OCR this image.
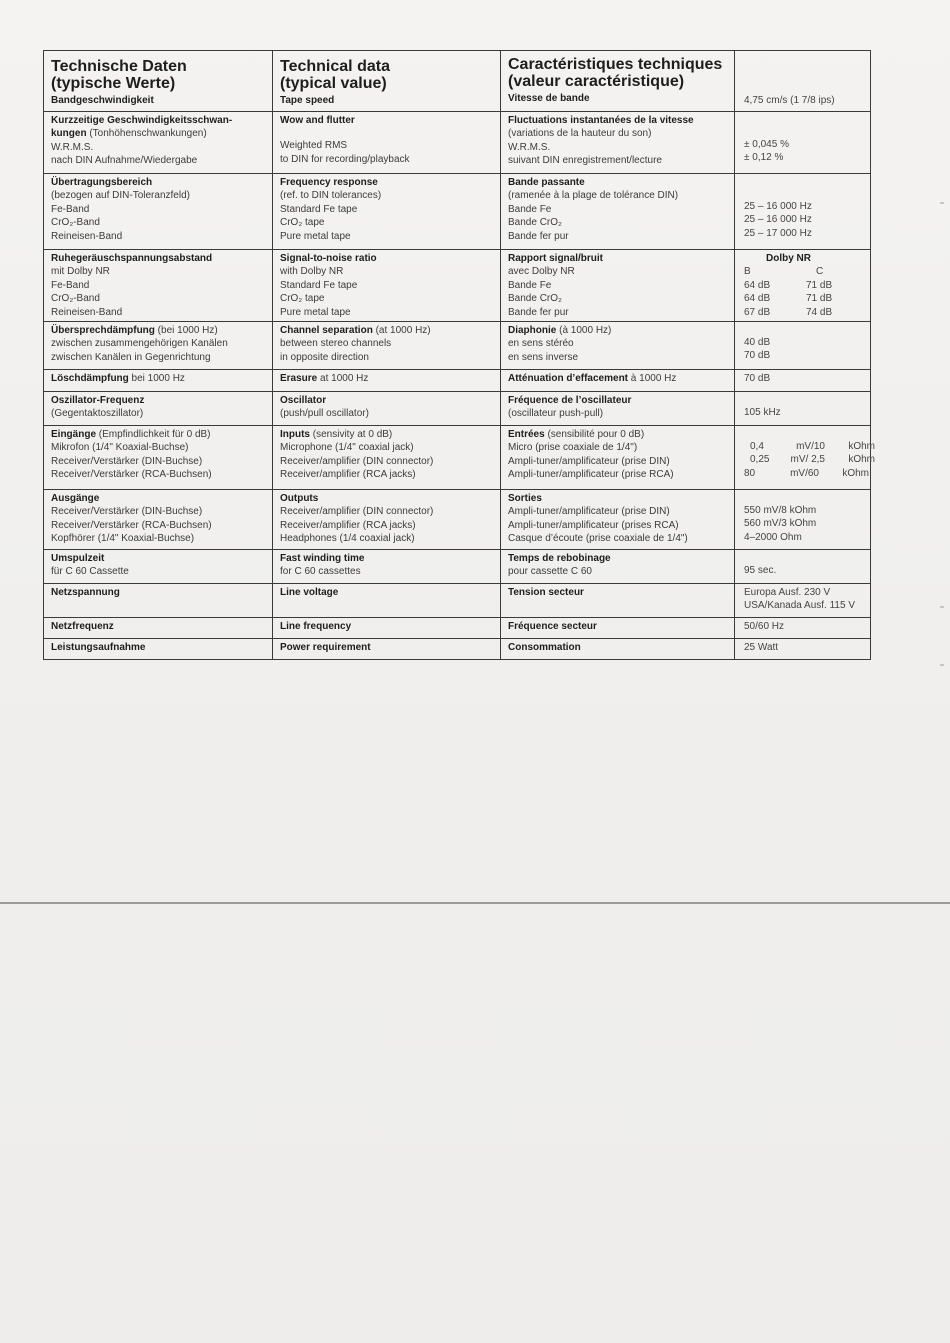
Technische Daten
(typische Werte)
Bandgeschwindigkeit	Technical data
(typical value)
Tape speed	Caractéristiques techniques
(valeur caractéristique)
Vitesse de bande	4,75 cm/s (1 7/8 ips)

Kurzzeitige Geschwindigkeitsschwan-
kungen (Tonhöhenschwankungen)
W.R.M.S.
nach DIN Aufnahme/Wiedergabe	Wow and flutter
Weighted RMS
to DIN for recording/playback	Fluctuations instantanées de la vitesse
(variations de la hauteur du son)
W.R.M.S.
suivant DIN enregistrement/lecture	± 0,045 %
± 0,12 %

Übertragungsbereich
(bezogen auf DIN-Toleranzfeld)
Fe-Band
CrO₂-Band
Reineisen-Band	Frequency response
(ref. to DIN tolerances)
Standard Fe tape
CrO₂ tape
Pure metal tape	Bande passante
(ramenée à la plage de tolérance DIN)
Bande Fe
Bande CrO₂
Bande fer pur	25 – 16 000 Hz
25 – 16 000 Hz
25 – 17 000 Hz

Ruhegeräuschspannungsabstand
mit Dolby NR
Fe-Band
CrO₂-Band
Reineisen-Band	Signal-to-noise ratio
with Dolby NR
Standard Fe tape
CrO₂ tape
Pure metal tape	Rapport signal/bruit
avec Dolby NR
Bande Fe
Bande CrO₂
Bande fer pur	Dolby NR
B C
64 dB 71 dB
64 dB 71 dB
67 dB 74 dB

Übersprechdämpfung (bei 1000 Hz)
zwischen zusammengehörigen Kanälen
zwischen Kanälen in Gegenrichtung	Channel separation (at 1000 Hz)
between stereo channels
in opposite direction	Diaphonie (à 1000 Hz)
en sens stéréo
en sens inverse	40 dB
70 dB

Löschdämpfung bei 1000 Hz	Erasure at 1000 Hz	Atténuation d’effacement à 1000 Hz	70 dB

Oszillator-Frequenz
(Gegentaktoszillator)	Oscillator
(push/pull oscillator)	Fréquence de l’oscillateur
(oscillateur push-pull)	105 kHz

Eingänge (Empfindlichkeit für 0 dB)
Mikrofon (1/4" Koaxial-Buchse)
Receiver/Verstärker (DIN-Buchse)
Receiver/Verstärker (RCA-Buchsen)	Inputs (sensivity at 0 dB)
Microphone (1/4" coaxial jack)
Receiver/amplifier (DIN connector)
Receiver/amplifier (RCA jacks)	Entrées (sensibilité pour 0 dB)
Micro (prise coaxiale de 1/4")
Ampli-tuner/amplificateur (prise DIN)
Ampli-tuner/amplificateur (prise RCA)	0,4 mV/10 kOhm
0,25 mV/ 2,5 kOhm
80 mV/60 kOhm

Ausgänge
Receiver/Verstärker (DIN-Buchse)
Receiver/Verstärker (RCA-Buchsen)
Kopfhörer (1/4" Koaxial-Buchse)	Outputs
Receiver/amplifier (DIN connector)
Receiver/amplifier (RCA jacks)
Headphones (1/4 coaxial jack)	Sorties
Ampli-tuner/amplificateur (prise DIN)
Ampli-tuner/amplificateur (prises RCA)
Casque d’écoute (prise coaxiale de 1/4")	550 mV/8 kOhm
560 mV/3 kOhm
4–2000 Ohm

Umspulzeit
für C 60 Cassette	Fast winding time
for C 60 cassettes	Temps de rebobinage
pour cassette C 60	95 sec.

Netzspannung	Line voltage	Tension secteur	Europa Ausf. 230 V
USA/Kanada Ausf. 115 V

Netzfrequenz	Line frequency	Fréquence secteur	50/60 Hz

Leistungsaufnahme	Power requirement	Consommation	25 Watt
